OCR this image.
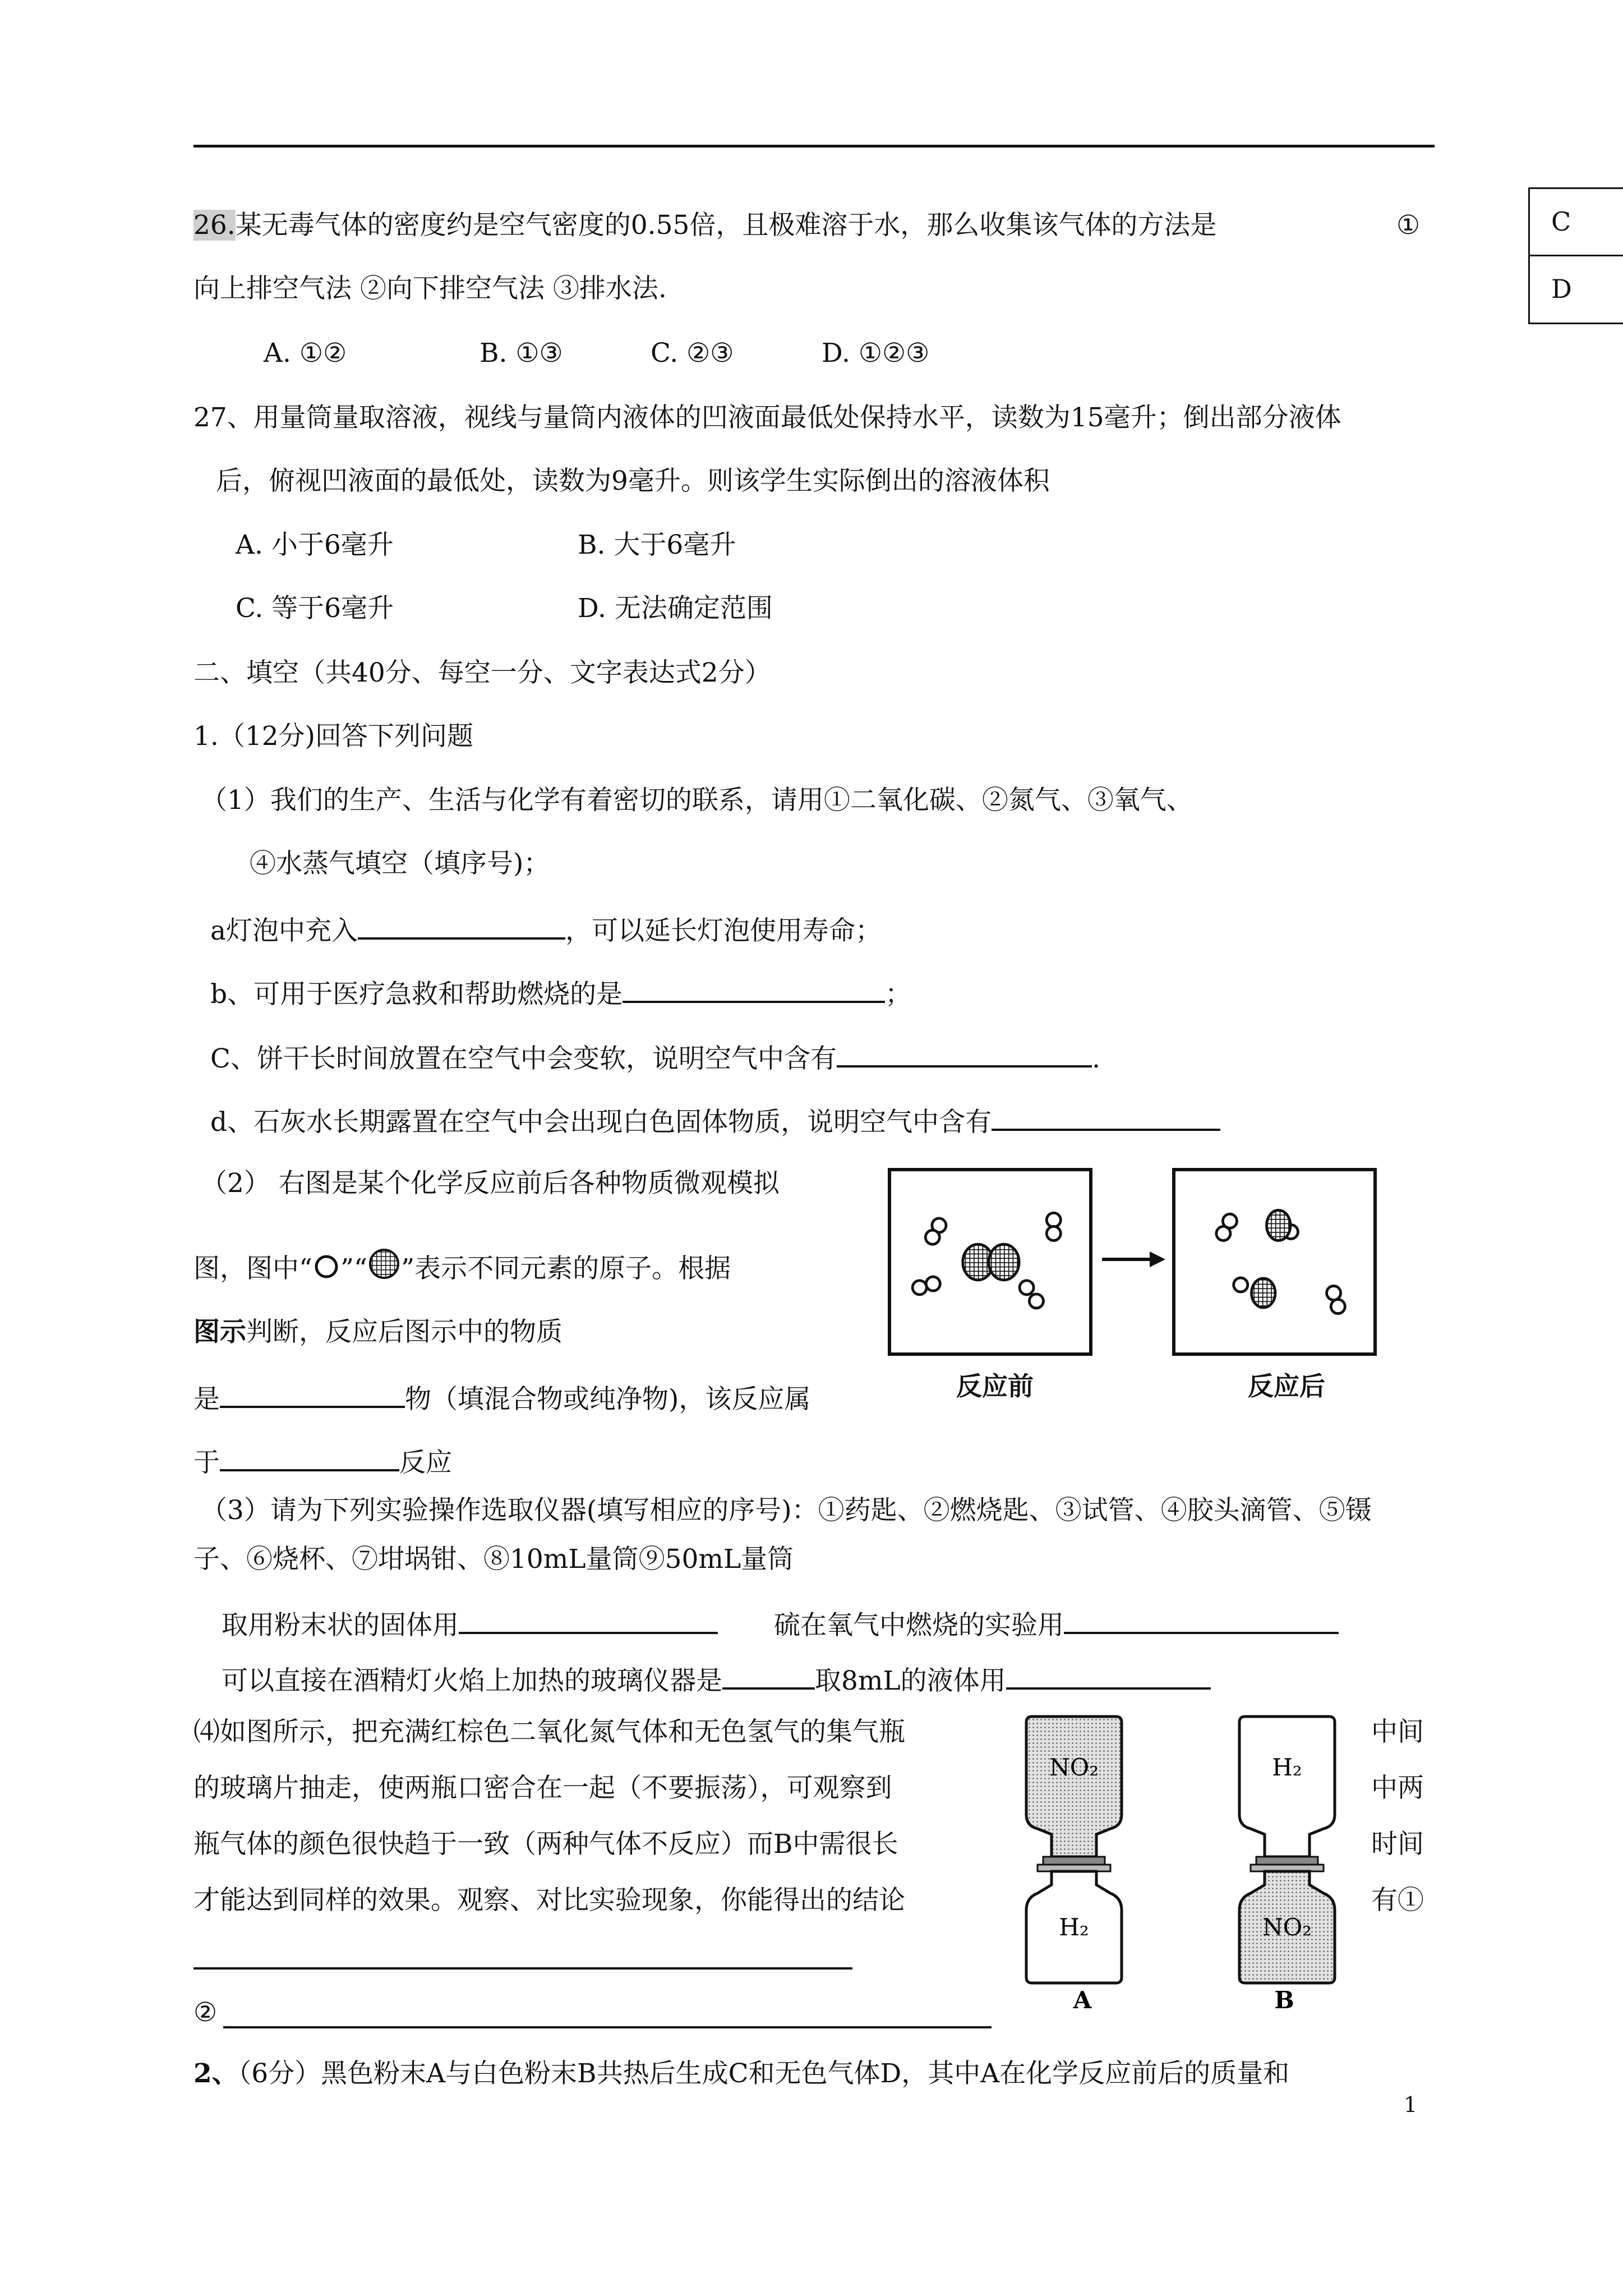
C
D
26.某无毒气体的密度约是空气密度的0.55倍，且极难溶于水，那么收集该气体的方法是	①
向上排空气法 ②向下排空气法 ③排水法.
A. ①②	B. ①③	C. ②③	D. ①②③
27、用量筒量取溶液，视线与量筒内液体的凹液面最低处保持水平，读数为15毫升；倒出部分液体
后，俯视凹液面的最低处，读数为9毫升。则该学生实际倒出的溶液体积
A. 小于6毫升	B. 大于6毫升
C. 等于6毫升	D. 无法确定范围
二、填空（共40分、每空一分、文字表达式2分）
1.（12分)回答下列问题
（1）我们的生产、生活与化学有着密切的联系，请用①二氧化碳、②氮气、③氧气、
④水蒸气填空（填序号)；
a灯泡中充入	，可以延长灯泡使用寿命；
b、可用于医疗急救和帮助燃烧的是	；
C、饼干长时间放置在空气中会变软，说明空气中含有	.
d、石灰水长期露置在空气中会出现白色固体物质，说明空气中含有
（2） 右图是某个化学反应前后各种物质微观模拟
图，图中“ ”“ ”表示不同元素的原子。根据
图示判断，反应后图示中的物质
是	物（填混合物或纯净物)，该反应属
于	反应
反应前	反应后
（3）请为下列实验操作选取仪器(填写相应的序号)：①药匙、②燃烧匙、③试管、④胶头滴管、⑤镊
子、⑥烧杯、⑦坩埚钳、⑧10mL量筒⑨50mL量筒
取用粉末状的固体用	硫在氧气中燃烧的实验用
可以直接在酒精灯火焰上加热的玻璃仪器是	取8mL的液体用
⑷如图所示，把充满红棕色二氧化氮气体和无色氢气的集气瓶
的玻璃片抽走，使两瓶口密合在一起（不要振荡），可观察到
瓶气体的颜色很快趋于一致（两种气体不反应）而B中需很长
才能达到同样的效果。观察、对比实验现象，你能得出的结论
中间
中两
时间
有①
②
NO₂
H₂
H₂
NO₂
A	B
2、（6分）黑色粉末A与白色粉末B共热后生成C和无色气体D，其中A在化学反应前后的质量和
1
